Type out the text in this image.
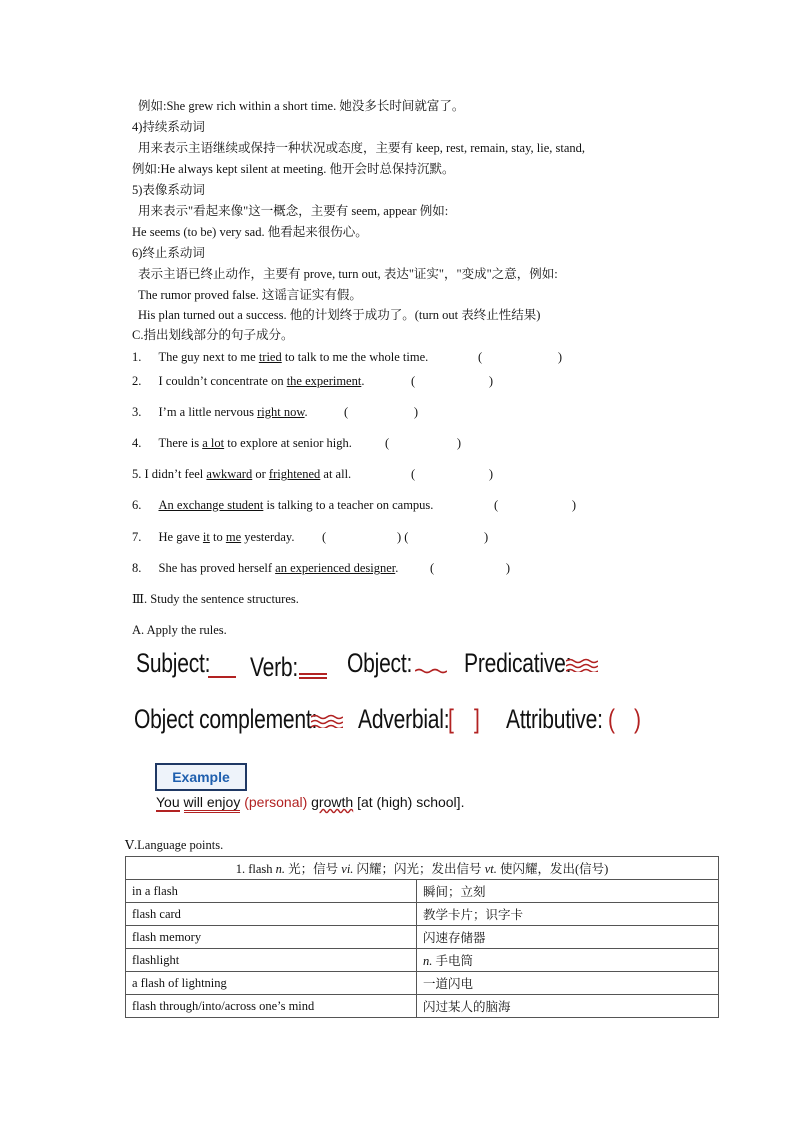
例如:She grew rich within a short time. 她没多长时间就富了。
4)持续系动词
用来表示主语继续或保持一种状况或态度，主要有 keep, rest, remain, stay, lie, stand,
例如:He always kept silent at meeting. 他开会时总保持沉默。
5)表像系动词
用来表示"看起来像"这一概念，主要有 seem, appear 例如:
He seems (to be) very sad. 他看起来很伤心。
6)终止系动词
表示主语已终止动作，主要有 prove, turn out, 表达"证实"，"变成"之意，例如:
The rumor proved false. 这谣言证实有假。
His plan turned out a success. 他的计划终于成功了。(turn out 表终止性结果)
C.指出划线部分的句子成分。
1. The guy next to me tried to talk to me the whole time.	(	)
2. I couldn’t concentrate on the experiment.	(	)
3. I’m a little nervous right now.	(	)
4. There is a lot to explore at senior high.	(	)
5. I didn’t feel awkward or frightened at all.	(	)
6. An exchange student is talking to a teacher on campus.	(	)
7. He gave it to me yesterday. (	) (	)
8. She has proved herself an experienced designer.	(	)
Ⅲ. Study the sentence structures.
A. Apply the rules.
Subject: Verb: Object: Predicative:
Object complement: Adverbial:
[ ] Attributive: ( )
Example
You will enjoy (personal) growth [at (high) school].
Ⅴ.Language points.
1. flash n. 光；信号 vi. 闪耀；闪光；发出信号 vt. 使闪耀，发出(信号)	
in a flash	瞬间；立刻
flash card	教学卡片；识字卡
flash memory	闪速存储器
flashlight	n. 手电筒
a flash of lightning	一道闪电
flash through/into/across one’s mind	闪过某人的脑海
